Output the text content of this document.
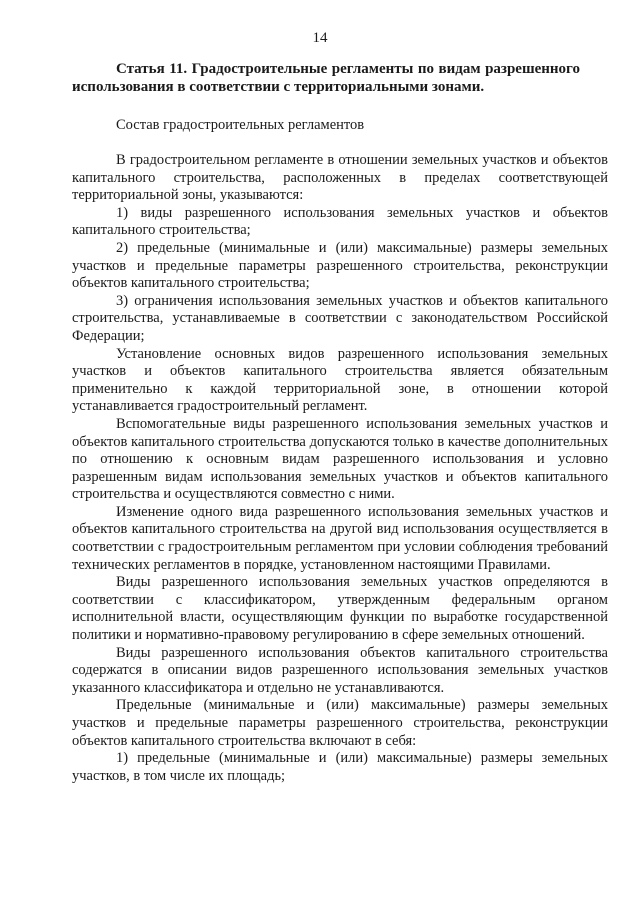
14
Статья 11. Градостроительные регламенты по видам разрешенного использования в соответствии с территориальными зонами.
Состав градостроительных регламентов

В градостроительном регламенте в отношении земельных участков и объектов капитального строительства, расположенных в пределах соответствующей территориальной зоны, указываются:

1) виды разрешенного использования земельных участков и объектов капитального строительства;

2) предельные (минимальные и (или) максимальные) размеры земельных участков и предельные параметры разрешенного строительства, реконструкции объектов капитального строительства;

3) ограничения использования земельных участков и объектов капитального строительства, устанавливаемые в соответствии с законодательством Российской Федерации;

Установление основных видов разрешенного использования земельных участков и объектов капитального строительства является обязательным применительно к каждой территориальной зоне, в отношении которой устанавливается градостроительный регламент.

Вспомогательные виды разрешенного использования земельных участков и объектов капитального строительства допускаются только в качестве дополнительных по отношению к основным видам разрешенного использования и условно разрешенным видам использования земельных участков и объектов капитального строительства и осуществляются совместно с ними.

Изменение одного вида разрешенного использования земельных участков и объектов капитального строительства на другой вид использования осуществляется в соответствии с градостроительным регламентом при условии соблюдения требований технических регламентов в порядке, установленном настоящими Правилами.

Виды разрешенного использования земельных участков определяются в соответствии с классификатором, утвержденным федеральным органом исполнительной власти, осуществляющим функции по выработке государственной политики и нормативно-правовому регулированию в сфере земельных отношений.

Виды разрешенного использования объектов капитального строительства содержатся в описании видов разрешенного использования земельных участков указанного классификатора и отдельно не устанавливаются.

Предельные (минимальные и (или) максимальные) размеры земельных участков и предельные параметры разрешенного строительства, реконструкции объектов капитального строительства включают в себя:

1) предельные (минимальные и (или) максимальные) размеры земельных участков, в том числе их площадь;
